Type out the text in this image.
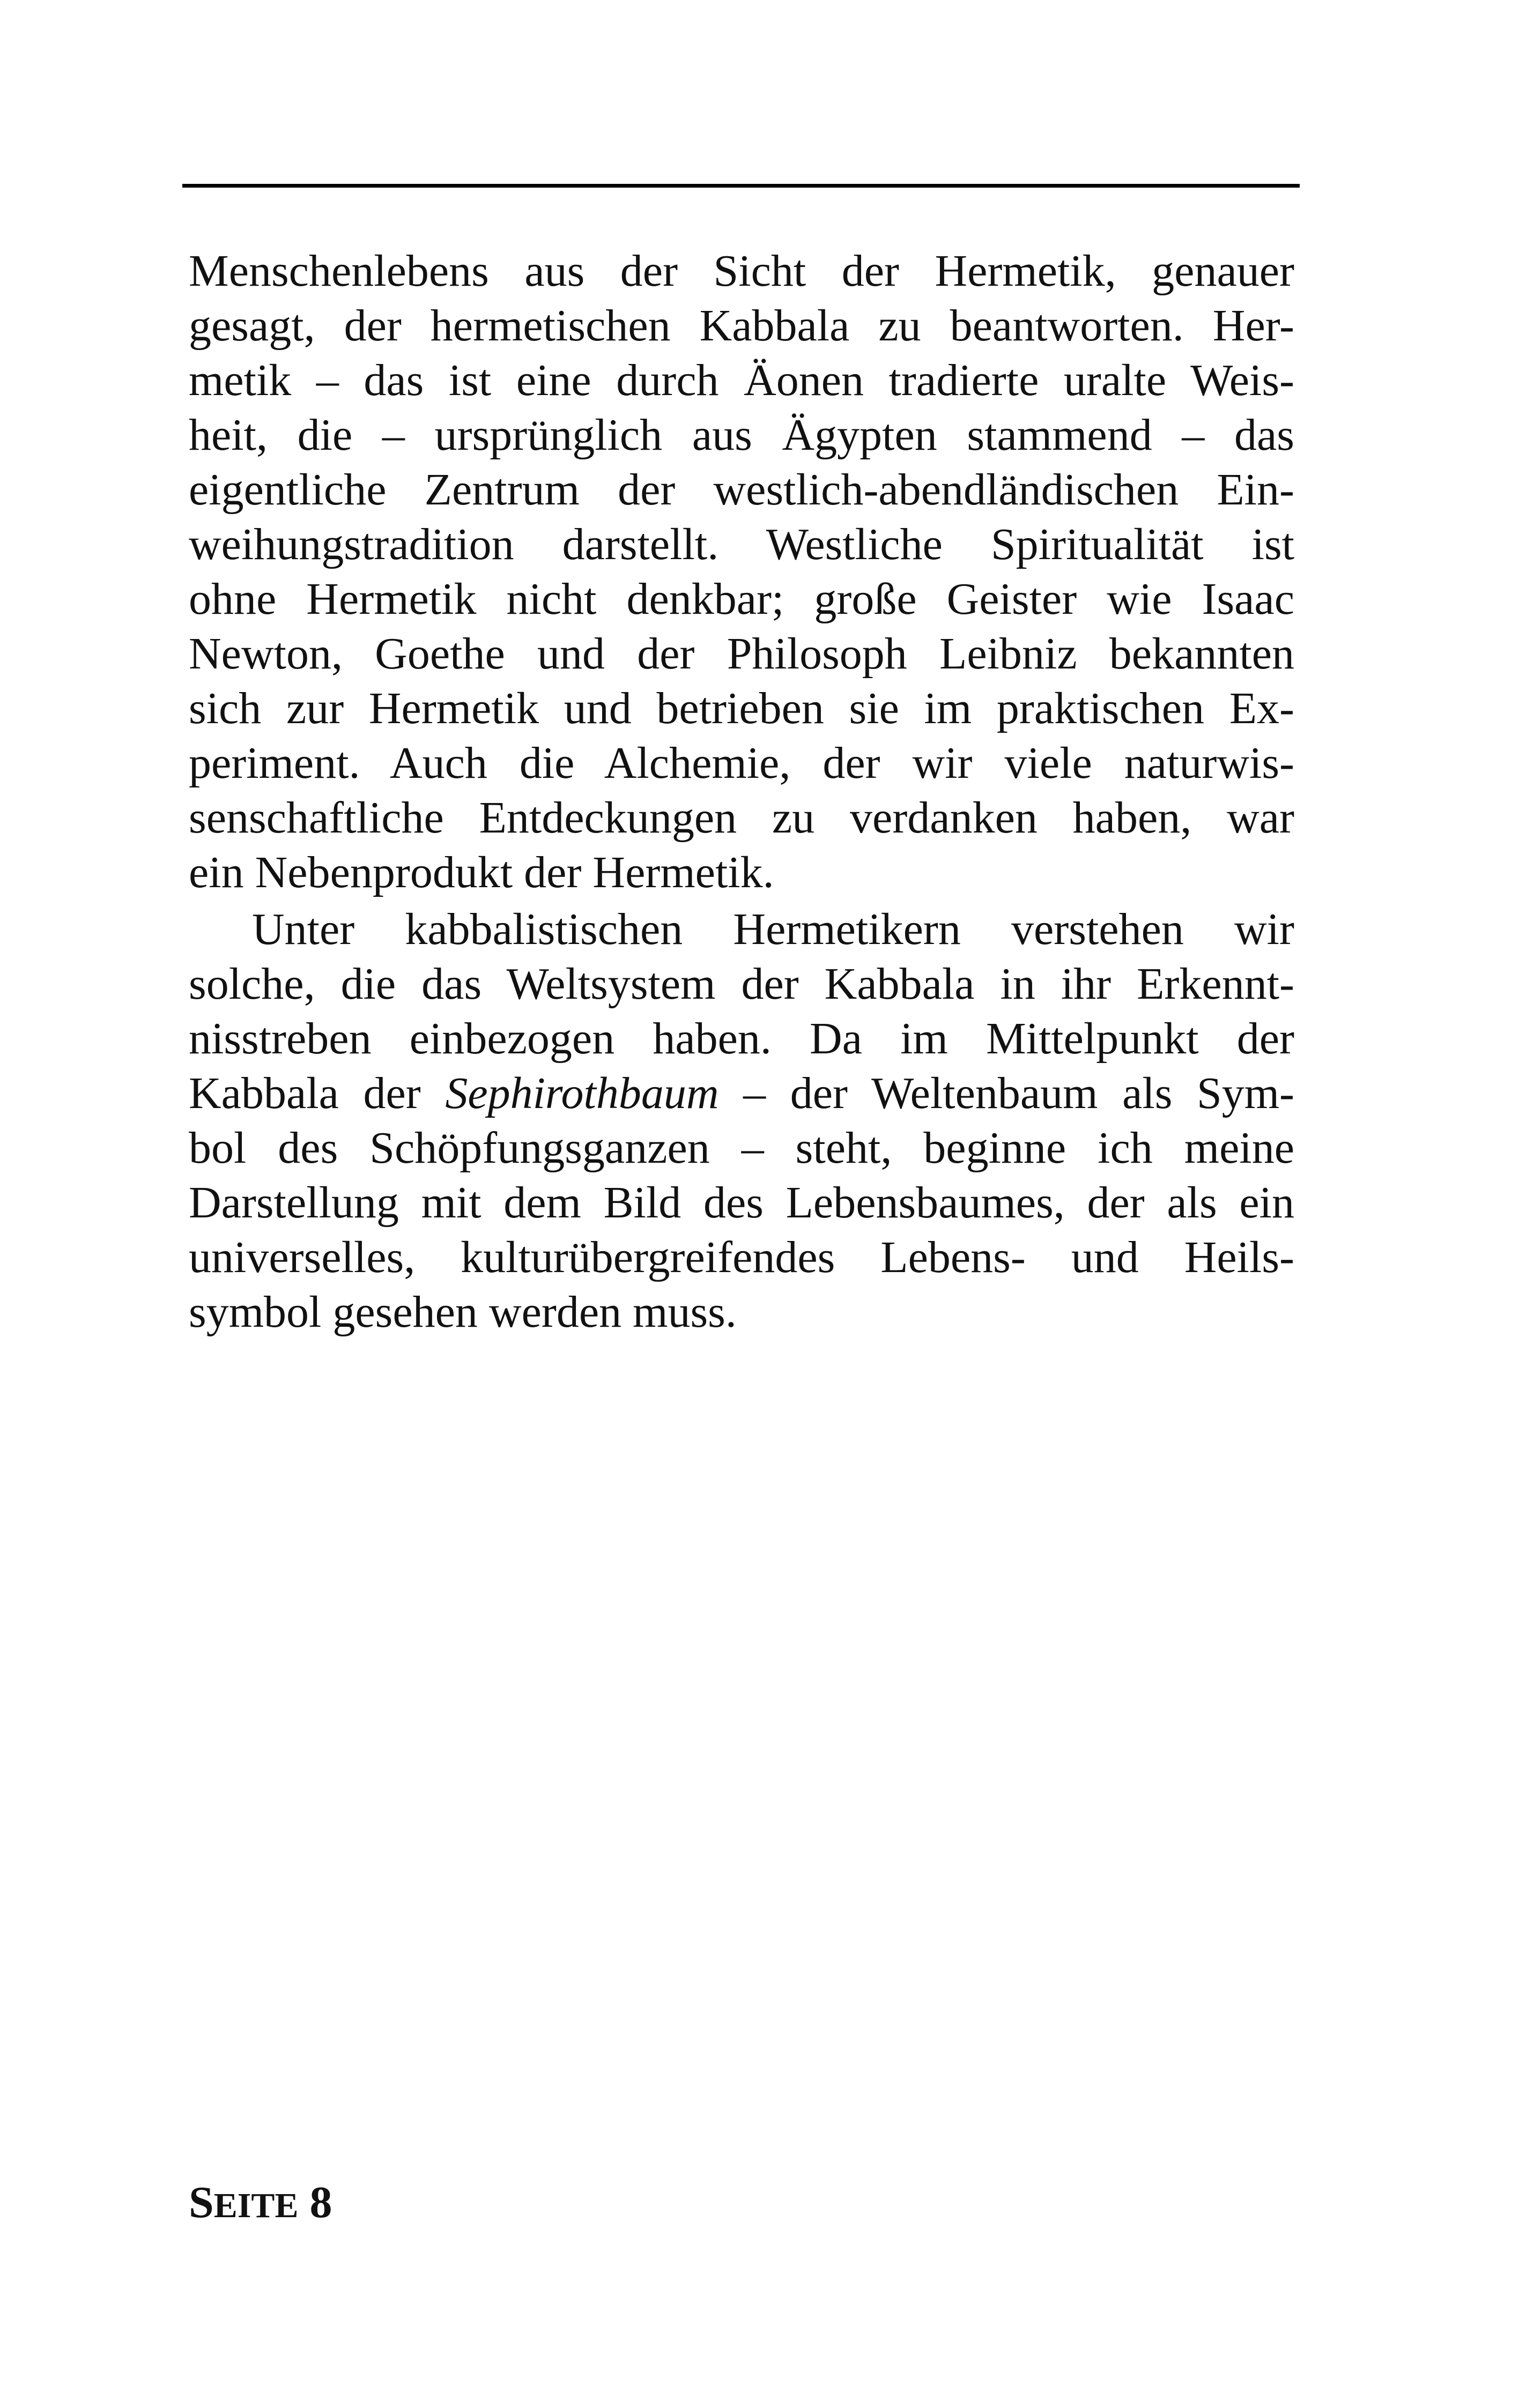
Menschenlebens aus der Sicht der Hermetik, genauer
gesagt, der hermetischen Kabbala zu beantworten. Her-
metik – das ist eine durch Äonen tradierte uralte Weis-
heit, die – ursprünglich aus Ägypten stammend – das
eigentliche Zentrum der westlich-abendländischen Ein-
weihungstradition darstellt. Westliche Spiritualität ist
ohne Hermetik nicht denkbar; große Geister wie Isaac
Newton, Goethe und der Philosoph Leibniz bekannten
sich zur Hermetik und betrieben sie im praktischen Ex-
periment. Auch die Alchemie, der wir viele naturwis-
senschaftliche Entdeckungen zu verdanken haben, war
ein Nebenprodukt der Hermetik.
Unter kabbalistischen Hermetikern verstehen wir
solche, die das Weltsystem der Kabbala in ihr Erkennt-
nisstreben einbezogen haben. Da im Mittelpunkt der
Kabbala der Sephirothbaum – der Weltenbaum als Sym-
bol des Schöpfungsganzen – steht, beginne ich meine
Darstellung mit dem Bild des Lebensbaumes, der als ein
universelles, kulturübergreifendes Lebens- und Heils-
symbol gesehen werden muss.
SEITE 8
